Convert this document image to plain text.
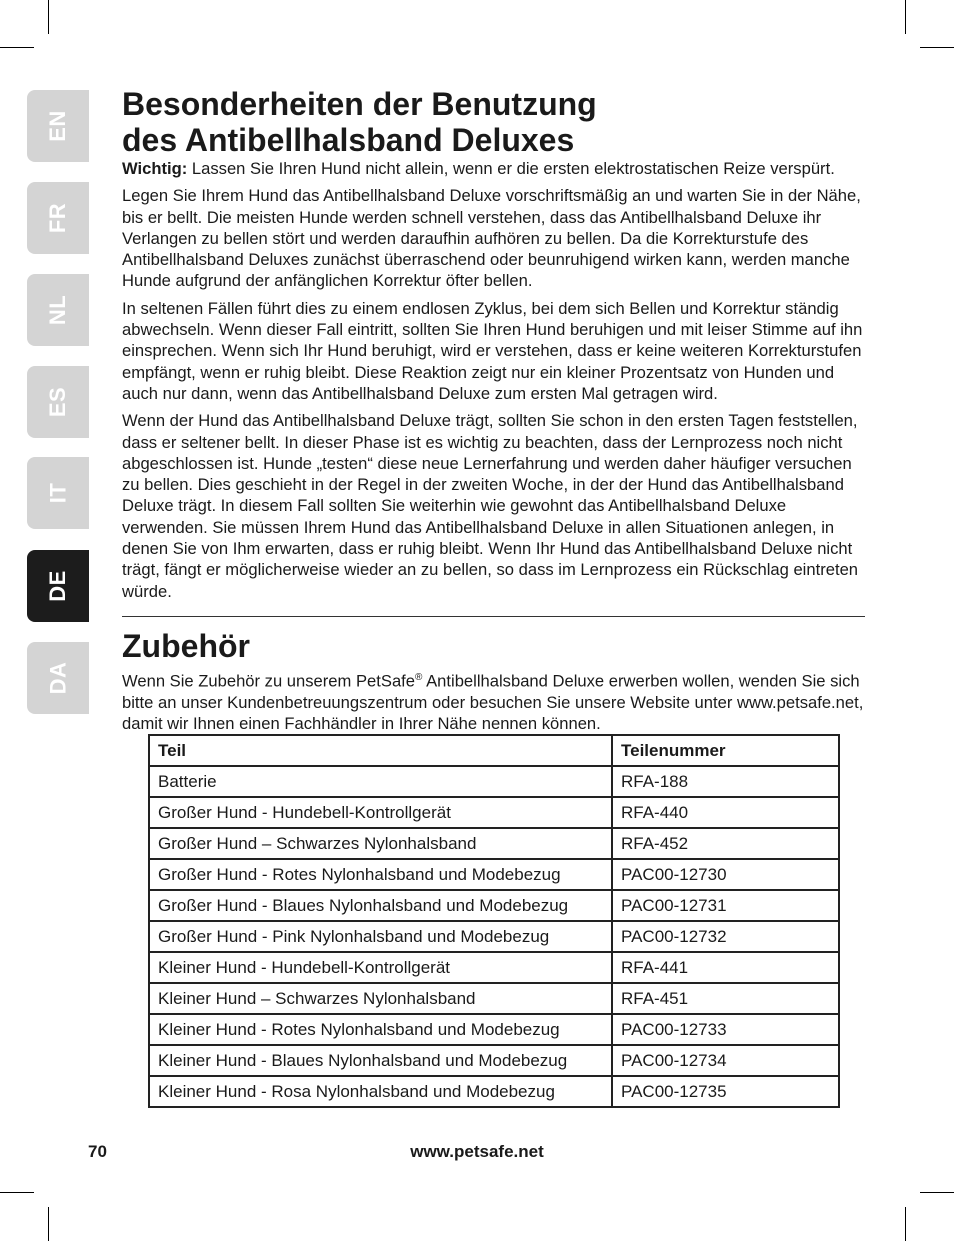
EN
FR
NL
ES
IT
DE
DA
Besonderheiten der Benutzung
des Antibellhalsband Deluxes

Wichtig: Lassen Sie Ihren Hund nicht allein, wenn er die ersten elektrostatischen Reize verspürt.

Legen Sie Ihrem Hund das Antibellhalsband Deluxe vorschriftsmäßig an und warten Sie in der Nähe, bis er bellt. Die meisten Hunde werden schnell verstehen, dass das Antibellhalsband Deluxe ihr Verlangen zu bellen stört und werden daraufhin aufhören zu bellen. Da die Korrekturstufe des Antibellhalsband Deluxes zunächst überraschend oder beunruhigend wirken kann, werden manche Hunde aufgrund der anfänglichen Korrektur öfter bellen.

In seltenen Fällen führt dies zu einem endlosen Zyklus, bei dem sich Bellen und Korrektur ständig abwechseln. Wenn dieser Fall eintritt, sollten Sie Ihren Hund beruhigen und mit leiser Stimme auf ihn einsprechen. Wenn sich Ihr Hund beruhigt, wird er verstehen, dass er keine weiteren Korrekturstufen empfängt, wenn er ruhig bleibt. Diese Reaktion zeigt nur ein kleiner Prozentsatz von Hunden und auch nur dann, wenn das Antibellhalsband Deluxe zum ersten Mal getragen wird.

Wenn der Hund das Antibellhalsband Deluxe trägt, sollten Sie schon in den ersten Tagen feststellen, dass er seltener bellt. In dieser Phase ist es wichtig zu beachten, dass der Lernprozess noch nicht abgeschlossen ist. Hunde „testen“ diese neue Lernerfahrung und werden daher häufiger versuchen zu bellen. Dies geschieht in der Regel in der zweiten Woche, in der der Hund das Antibellhalsband Deluxe trägt. In diesem Fall sollten Sie weiterhin wie gewohnt das Antibellhalsband Deluxe verwenden. Sie müssen Ihrem Hund das Antibellhalsband Deluxe in allen Situationen anlegen, in denen Sie von Ihm erwarten, dass er ruhig bleibt. Wenn Ihr Hund das Antibellhalsband Deluxe nicht trägt, fängt er möglicherweise wieder an zu bellen, so dass im Lernprozess ein Rückschlag eintreten würde.

Zubehör

Wenn Sie Zubehör zu unserem PetSafe® Antibellhalsband Deluxe erwerben wollen, wenden Sie sich bitte an unser Kundenbetreuungszentrum oder besuchen Sie unsere Website unter www.petsafe.net, damit wir Ihnen einen Fachhändler in Ihrer Nähe nennen können.

Teil	Teilenummer
Batterie	RFA-188
Großer Hund - Hundebell-Kontrollgerät	RFA-440
Großer Hund – Schwarzes Nylonhalsband	RFA-452
Großer Hund - Rotes Nylonhalsband und Modebezug	PAC00-12730
Großer Hund - Blaues Nylonhalsband und Modebezug	PAC00-12731
Großer Hund - Pink Nylonhalsband und Modebezug	PAC00-12732
Kleiner Hund - Hundebell-Kontrollgerät	RFA-441
Kleiner Hund – Schwarzes Nylonhalsband	RFA-451
Kleiner Hund - Rotes Nylonhalsband und Modebezug	PAC00-12733
Kleiner Hund - Blaues Nylonhalsband und Modebezug	PAC00-12734
Kleiner Hund - Rosa Nylonhalsband und Modebezug	PAC00-12735
70	www.petsafe.net
